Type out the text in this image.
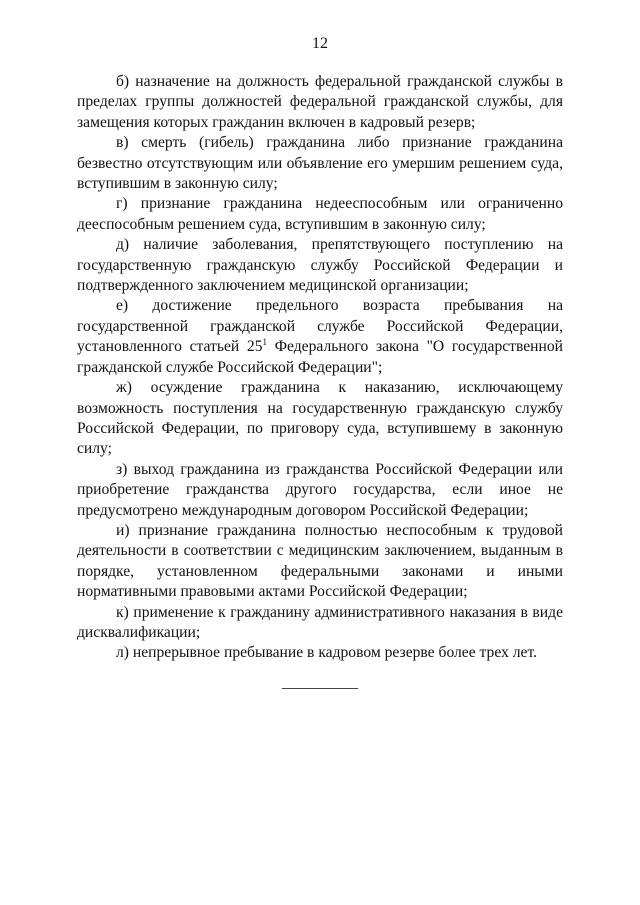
12

б) назначение на должность федеральной гражданской службы в пределах группы должностей федеральной гражданской службы, для замещения которых гражданин включен в кадровый резерв;

в) смерть (гибель) гражданина либо признание гражданина безвестно отсутствующим или объявление его умершим решением суда, вступившим в законную силу;

г) признание гражданина недееспособным или ограниченно дееспособным решением суда, вступившим в законную силу;

д) наличие заболевания, препятствующего поступлению на государственную гражданскую службу Российской Федерации и подтвержденного заключением медицинской организации;

е) достижение предельного возраста пребывания на государственной гражданской службе Российской Федерации, установленного статьей $25^1$ Федерального закона "О государственной гражданской службе Российской Федерации";

ж) осуждение гражданина к наказанию, исключающему возможность поступления на государственную гражданскую службу Российской Федерации, по приговору суда, вступившему в законную силу;

з) выход гражданина из гражданства Российской Федерации или приобретение гражданства другого государства, если иное не предусмотрено международным договором Российской Федерации;

и) признание гражданина полностью неспособным к трудовой деятельности в соответствии с медицинским заключением, выданным в порядке, установленном федеральными законами и иными нормативными правовыми актами Российской Федерации;

к) применение к гражданину административного наказания в виде дисквалификации;

л) непрерывное пребывание в кадровом резерве более трех лет.
